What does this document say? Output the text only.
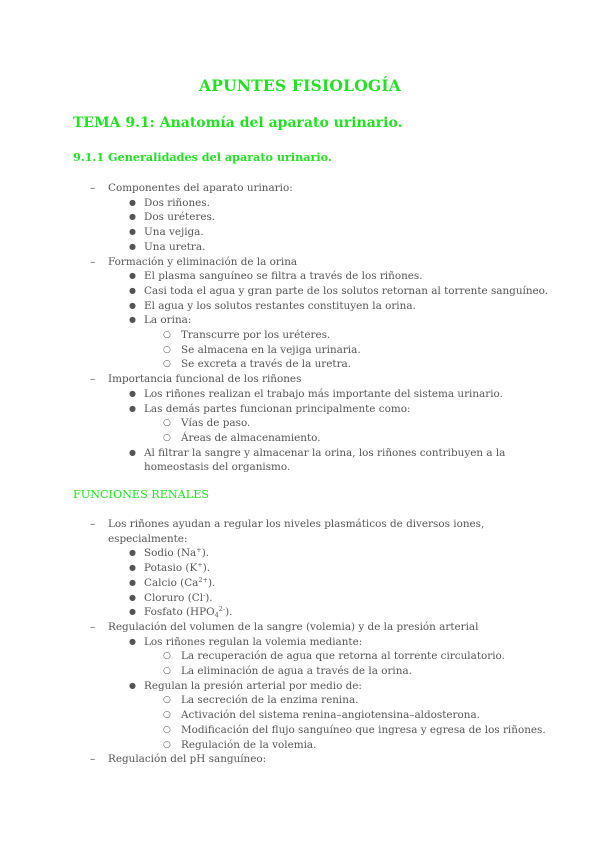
APUNTES FISIOLOGÍA
TEMA 9.1: Anatomía del aparato urinario.
9.1.1 Generalidades del aparato urinario.
– Componentes del aparato urinario:
● Dos riñones.
● Dos uréteres.
● Una vejiga.
● Una uretra.
– Formación y eliminación de la orina
● El plasma sanguíneo se filtra a través de los riñones.
● Casi toda el agua y gran parte de los solutos retornan al torrente sanguíneo.
● El agua y los solutos restantes constituyen la orina.
● La orina:
○ Transcurre por los uréteres.
○ Se almacena en la vejiga urinaria.
○ Se excreta a través de la uretra.
– Importancia funcional de los riñones
● Los riñones realizan el trabajo más importante del sistema urinario.
● Las demás partes funcionan principalmente como:
○ Vías de paso.
○ Áreas de almacenamiento.
● Al filtrar la sangre y almacenar la orina, los riñones contribuyen a la homeostasis del organismo.
FUNCIONES RENALES
– Los riñones ayudan a regular los niveles plasmáticos de diversos iones, especialmente:
● Sodio (Na+).
● Potasio (K+).
● Calcio $(Ca^{2+})$.
● Cloruro (Cl-).
● Fosfato $(HPO_4^{2-})$.
– Regulación del volumen de la sangre (volemia) y de la presión arterial
● Los riñones regulan la volemia mediante:
○ La recuperación de agua que retorna al torrente circulatorio.
○ La eliminación de agua a través de la orina.
● Regulan la presión arterial por medio de:
○ La secreción de la enzima renina.
○ Activación del sistema renina–angiotensina–aldosterona.
○ Modificación del flujo sanguíneo que ingresa y egresa de los riñones.
○ Regulación de la volemia.
– Regulación del pH sanguíneo:
